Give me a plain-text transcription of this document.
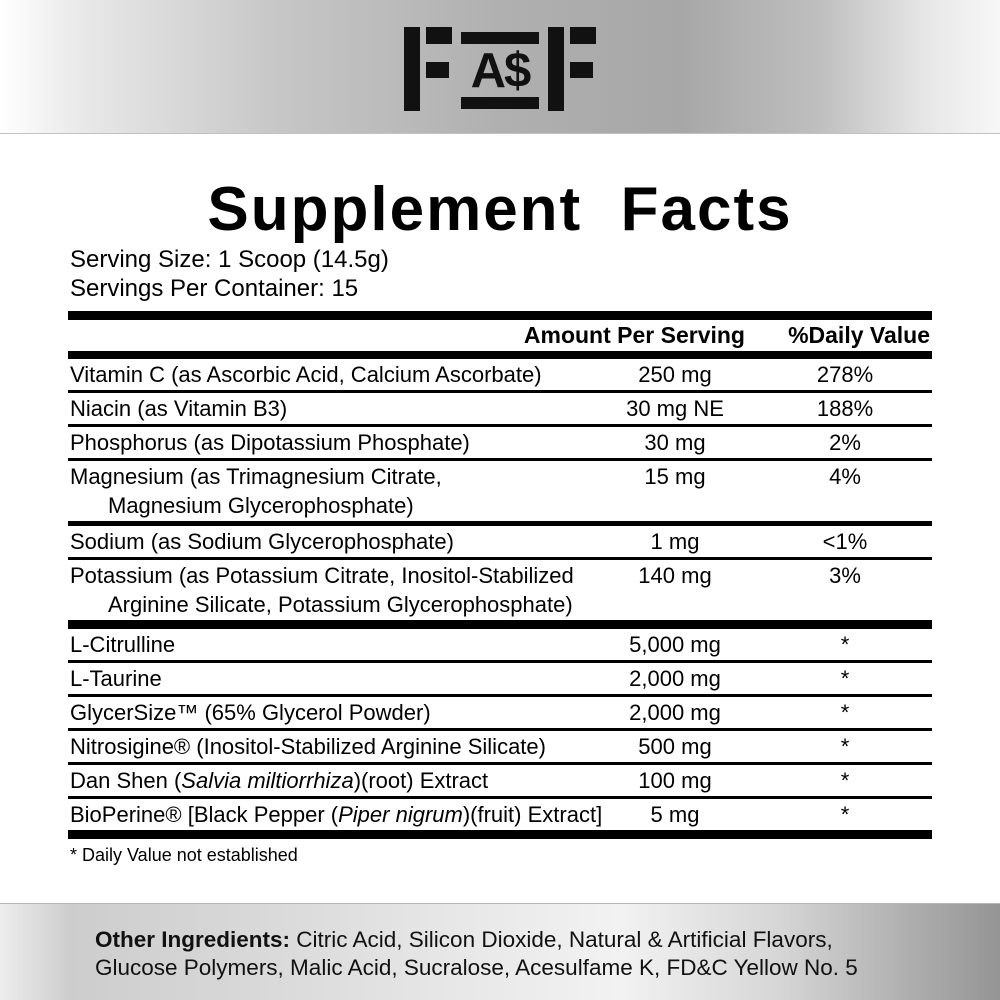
A$
Supplement  Facts
Serving Size: 1 Scoop (14.5g)
Servings Per Container: 15
Amount Per Serving %Daily Value
Vitamin C (as Ascorbic Acid, Calcium Ascorbate)	250 mg	278%
Niacin (as Vitamin B3)	30 mg NE	188%
Phosphorus (as Dipotassium Phosphate)	30 mg	2%
Magnesium (as Trimagnesium Citrate,
Magnesium Glycerophosphate)
15 mg	4%
Sodium (as Sodium Glycerophosphate)	1 mg	<1%
Potassium (as Potassium Citrate, Inositol-Stabilized
Arginine Silicate, Potassium Glycerophosphate)
140 mg	3%
L-Citrulline	5,000 mg	*
L-Taurine	2,000 mg	*
GlycerSize™ (65% Glycerol Powder)	2,000 mg	*
Nitrosigine® (Inositol-Stabilized Arginine Silicate)	500 mg	*
Dan Shen (Salvia miltiorrhiza)(root) Extract	100 mg	*
BioPerine® [Black Pepper (Piper nigrum)(fruit) Extract]	5 mg	*
* Daily Value not established

Other Ingredients: Citric Acid, Silicon Dioxide, Natural & Artificial Flavors, Glucose Polymers, Malic Acid, Sucralose, Acesulfame K, FD&C Yellow No. 5
